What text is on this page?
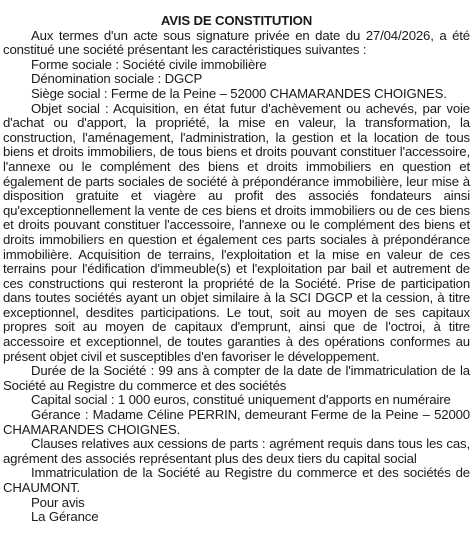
AVIS DE CONSTITUTION

Aux termes d'un acte sous signature privée en date du 27/04/2026, a été constitué une société présentant les caractéristiques suivantes :

Forme sociale : Société civile immobilière

Dénomination sociale : DGCP

Siège social : Ferme de la Peine – 52000 CHAMARANDES CHOIGNES.

Objet social : Acquisition, en état futur d'achèvement ou achevés, par voie d'achat ou d'apport, la propriété, la mise en valeur, la transformation, la construction, l'aménagement, l'administration, la gestion et la location de tous biens et droits immobiliers, de tous biens et droits pouvant constituer l'accessoire, l'annexe ou le complément des biens et droits immobiliers en question et également de parts sociales de société à prépondérance immobilière, leur mise à disposition gratuite et viagère au profit des associés fondateurs ainsi qu'exceptionnellement la vente de ces biens et droits immobiliers ou de ces biens et droits pouvant constituer l'accessoire, l'annexe ou le complément des biens et droits immobiliers en question et également ces parts sociales à prépondérance immobilière. Acquisition de terrains, l'exploitation et la mise en valeur de ces terrains pour l'édification d'immeuble(s) et l'exploitation par bail et autrement de ces constructions qui resteront la propriété de la Société. Prise de participation dans toutes sociétés ayant un objet similaire à la SCI DGCP et la cession, à titre exceptionnel, desdites participations. Le tout, soit au moyen de ses capitaux propres soit au moyen de capitaux d'emprunt, ainsi que de l'octroi, à titre accessoire et exceptionnel, de toutes garanties à des opérations conformes au présent objet civil et susceptibles d'en favoriser le développement.

Durée de la Société : 99 ans à compter de la date de l'immatriculation de la Société au Registre du commerce et des sociétés

Capital social : 1 000 euros, constitué uniquement d'apports en numéraire

Gérance : Madame Céline PERRIN, demeurant Ferme de la Peine – 52000 CHAMARANDES CHOIGNES.

Clauses relatives aux cessions de parts : agrément requis dans tous les cas, agrément des associés représentant plus des deux tiers du capital social

Immatriculation de la Société au Registre du commerce et des sociétés de CHAUMONT.

Pour avis

La Gérance
